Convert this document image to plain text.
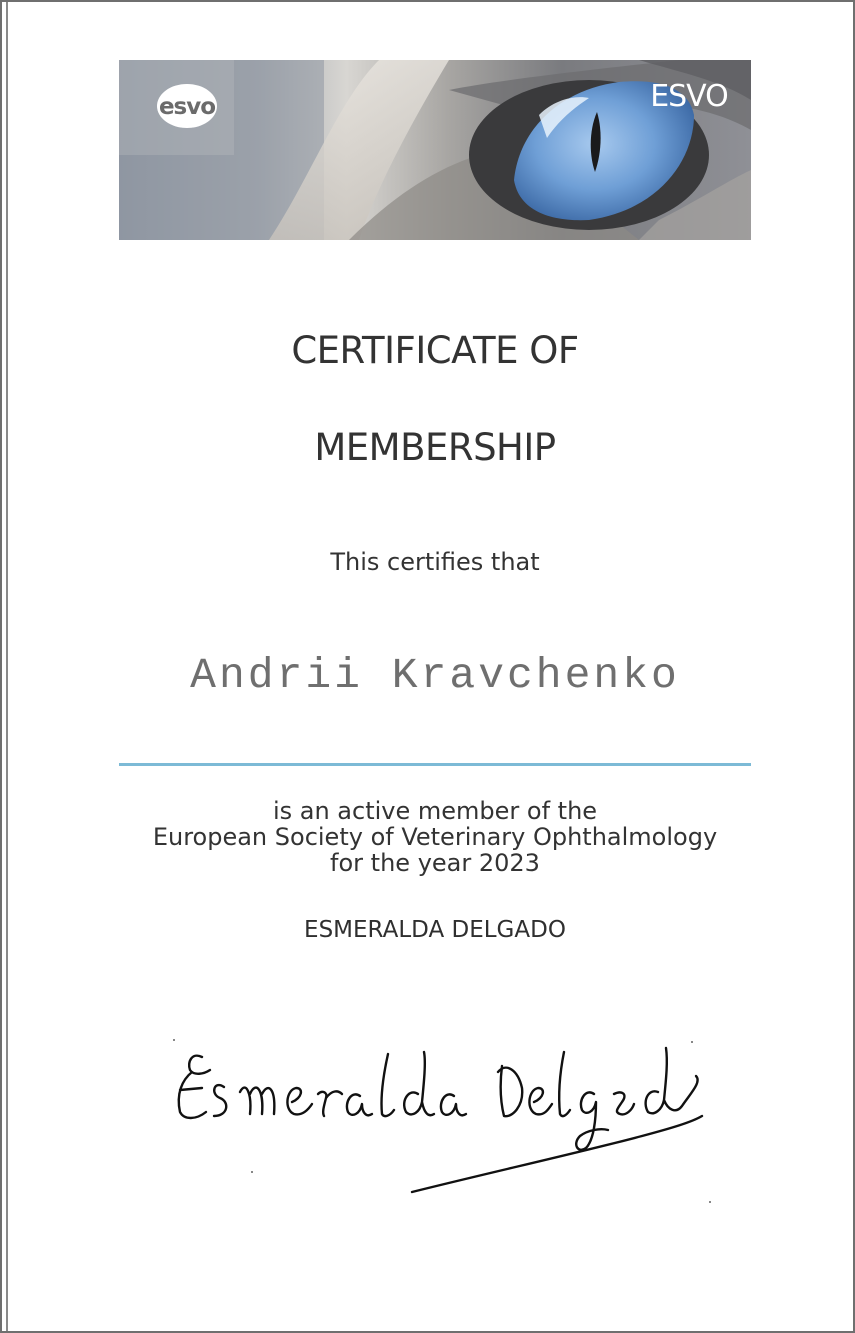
esvo	ESVO
CERTIFICATE OF
MEMBERSHIP
This certifies that
Andrii Kravchenko
is an active member of the
European Society of Veterinary Ophthalmology
for the year 2023
ESMERALDA DELGADO
